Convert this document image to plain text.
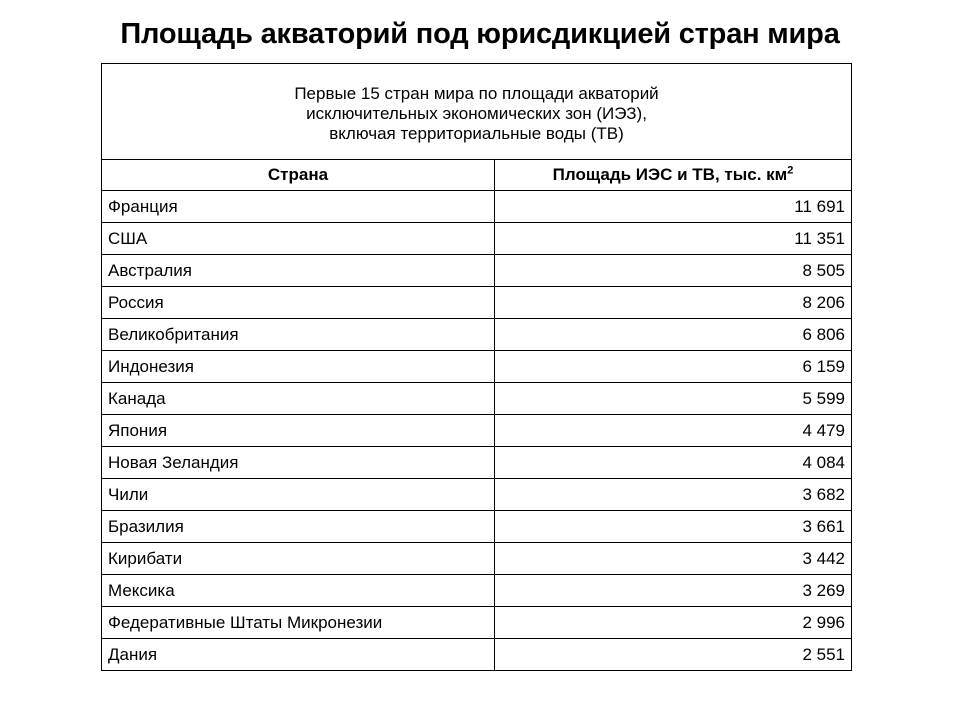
Площадь акваторий под юрисдикцией стран мира
Первые 15 стран мира по площади акваторий
исключительных экономических зон (ИЭЗ),
включая территориальные воды (ТВ)	

Страна	Площадь ИЭС и ТВ, тыс. $км^2$
Франция	11 691
США	11 351
Австралия	8 505
Россия	8 206
Великобритания	6 806
Индонезия	6 159
Канада	5 599
Япония	4 479
Новая Зеландия	4 084
Чили	3 682
Бразилия	3 661
Кирибати	3 442
Мексика	3 269
Федеративные Штаты Микронезии	2 996
Дания	2 551
